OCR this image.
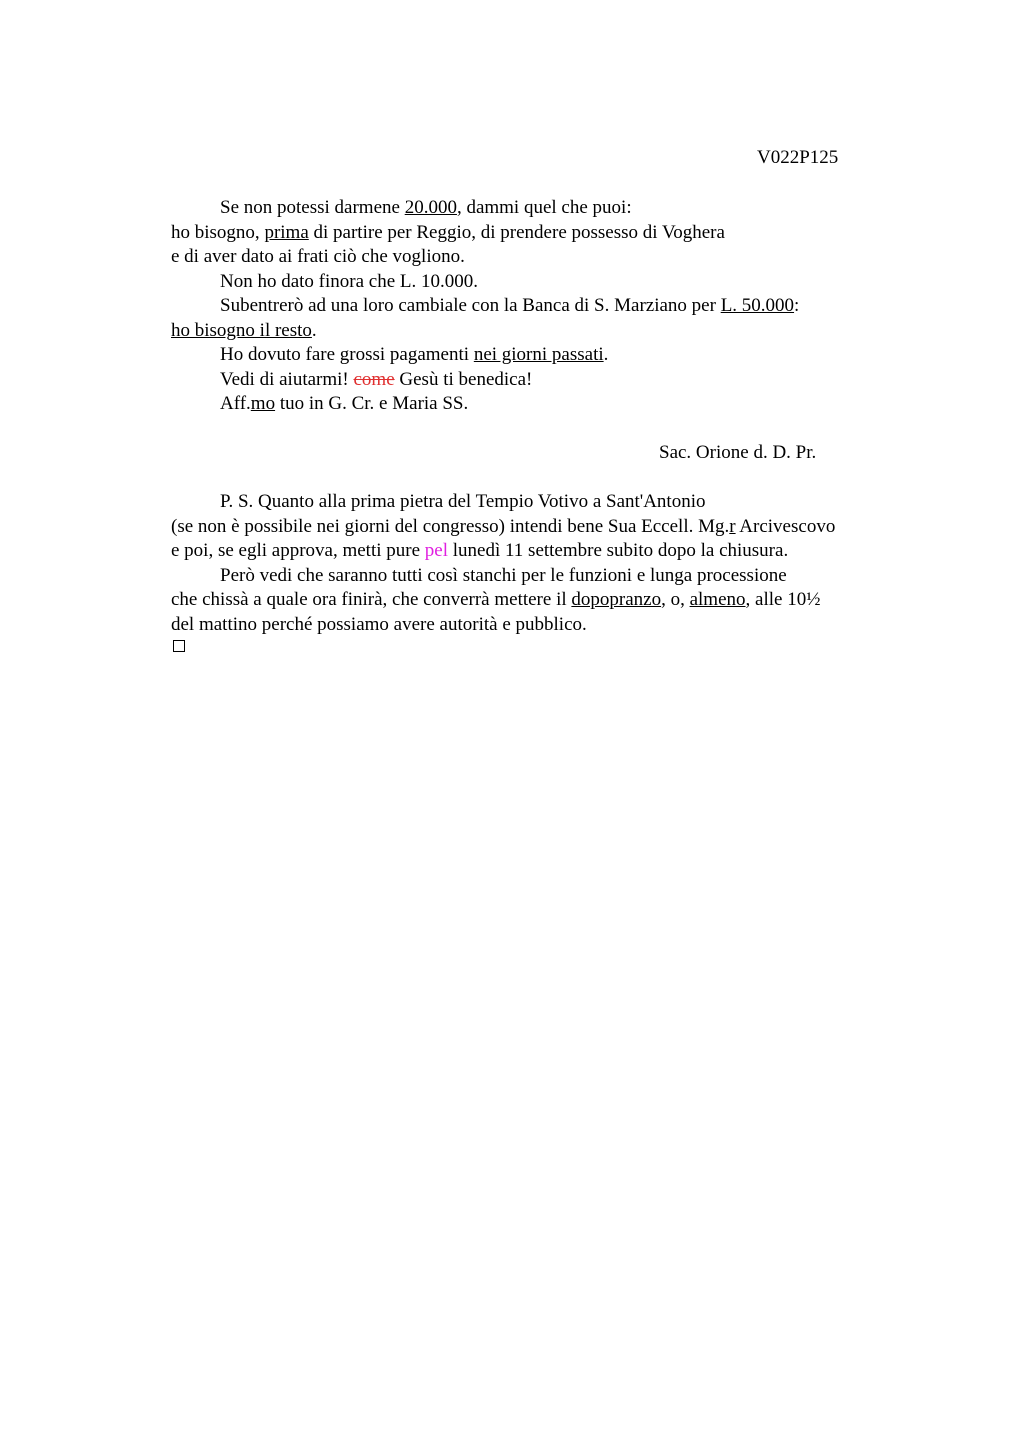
V022P125
Se non potessi darmene 20.000, dammi quel che puoi:
ho bisogno, prima di partire per Reggio, di prendere possesso di Voghera
e di aver dato ai frati ciò che vogliono.
Non ho dato finora che L. 10.000.
Subentrerò ad una loro cambiale con la Banca di S. Marziano per L. 50.000:
ho bisogno il resto.
Ho dovuto fare grossi pagamenti nei giorni passati.
Vedi di aiutarmi! come Gesù ti benedica!
Aff.mo tuo in G. Cr. e Maria SS.
Sac. Orione d. D. Pr.
P. S. Quanto alla prima pietra del Tempio Votivo a Sant'Antonio
(se non è possibile nei giorni del congresso) intendi bene Sua Eccell. Mg.r Arcivescovo
e poi, se egli approva, metti pure pel lunedì 11 settembre subito dopo la chiusura.
Però vedi che saranno tutti così stanchi per le funzioni e lunga processione
che chissà a quale ora finirà, che converrà mettere il dopopranzo, o, almeno, alle 10½
del mattino perché possiamo avere autorità e pubblico.
